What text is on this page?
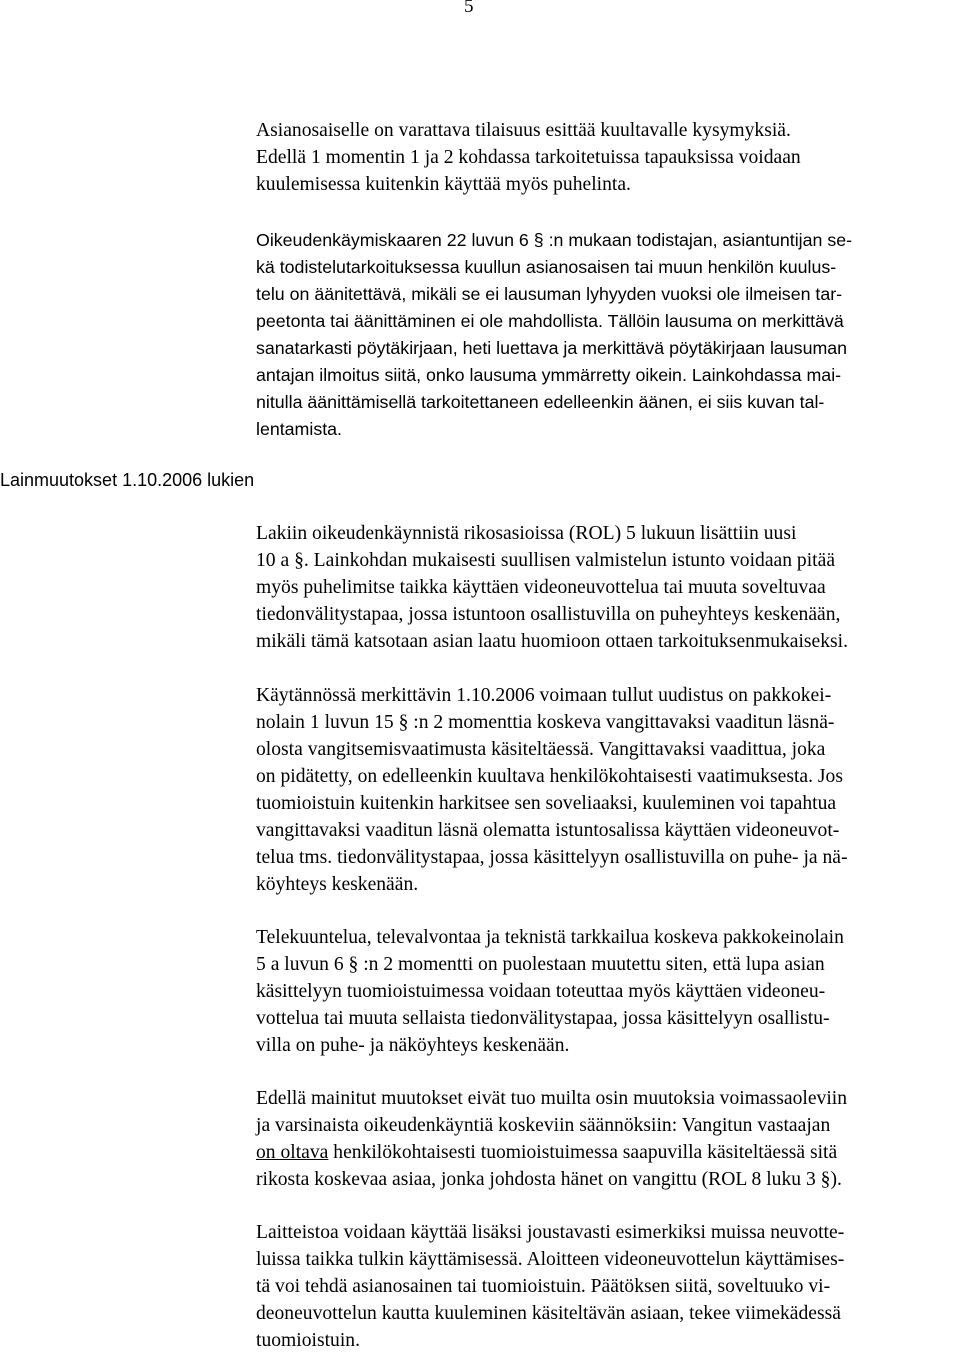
5
Lainmuutokset 1.10.2006 lukien
Asianosaiselle on varattava tilaisuus esittää kuultavalle kysymyksiä.
Edellä 1 momentin 1 ja 2 kohdassa tarkoitetuissa tapauksissa voidaan
kuulemisessa kuitenkin käyttää myös puhelinta.
Oikeudenkäymiskaaren 22 luvun 6 § :n mukaan todistajan, asiantuntijan se-
kä todistelutarkoituksessa kuullun asianosaisen tai muun henkilön kuulus-
telu on äänitettävä, mikäli se ei lausuman lyhyyden vuoksi ole ilmeisen tar-
peetonta tai äänittäminen ei ole mahdollista. Tällöin lausuma on merkittävä
sanatarkasti pöytäkirjaan, heti luettava ja merkittävä pöytäkirjaan lausuman
antajan ilmoitus siitä, onko lausuma ymmärretty oikein. Lainkohdassa mai-
nitulla äänittämisellä tarkoitettaneen edelleenkin äänen, ei siis kuvan tal-
lentamista.
Lakiin oikeudenkäynnistä rikosasioissa (ROL) 5 lukuun lisättiin uusi
10 a §. Lainkohdan mukaisesti suullisen valmistelun istunto voidaan pitää
myös puhelimitse taikka käyttäen videoneuvottelua tai muuta soveltuvaa
tiedonvälitystapaa, jossa istuntoon osallistuvilla on puheyhteys keskenään,
mikäli tämä katsotaan asian laatu huomioon ottaen tarkoituksenmukaiseksi.
Käytännössä merkittävin 1.10.2006 voimaan tullut uudistus on pakkokei-
nolain 1 luvun 15 § :n 2 momenttia koskeva vangittavaksi vaaditun läsnä-
olosta vangitsemisvaatimusta käsiteltäessä. Vangittavaksi vaadittua, joka
on pidätetty, on edelleenkin kuultava henkilökohtaisesti vaatimuksesta. Jos
tuomioistuin kuitenkin harkitsee sen soveliaaksi, kuuleminen voi tapahtua
vangittavaksi vaaditun läsnä olematta istuntosalissa käyttäen videoneuvot-
telua tms. tiedonvälitystapaa, jossa käsittelyyn osallistuvilla on puhe- ja nä-
köyhteys keskenään.
Telekuuntelua, televalvontaa ja teknistä tarkkailua koskeva pakkokeinolain
5 a luvun 6 § :n 2 momentti on puolestaan muutettu siten, että lupa asian
käsittelyyn tuomioistuimessa voidaan toteuttaa myös käyttäen videoneu-
vottelua tai muuta sellaista tiedonvälitystapaa, jossa käsittelyyn osallistu-
villa on puhe- ja näköyhteys keskenään.
Edellä mainitut muutokset eivät tuo muilta osin muutoksia voimassaoleviin
ja varsinaista oikeudenkäyntiä koskeviin säännöksiin: Vangitun vastaajan
on oltava henkilökohtaisesti tuomioistuimessa saapuvilla käsiteltäessä sitä
rikosta koskevaa asiaa, jonka johdosta hänet on vangittu (ROL 8 luku 3 §).
Laitteistoa voidaan käyttää lisäksi joustavasti esimerkiksi muissa neuvotte-
luissa taikka tulkin käyttämisessä. Aloitteen videoneuvottelun käyttämises-
tä voi tehdä asianosainen tai tuomioistuin. Päätöksen siitä, soveltuuko vi-
deoneuvottelun kautta kuuleminen käsiteltävän asiaan, tekee viimekädessä
tuomioistuin.
